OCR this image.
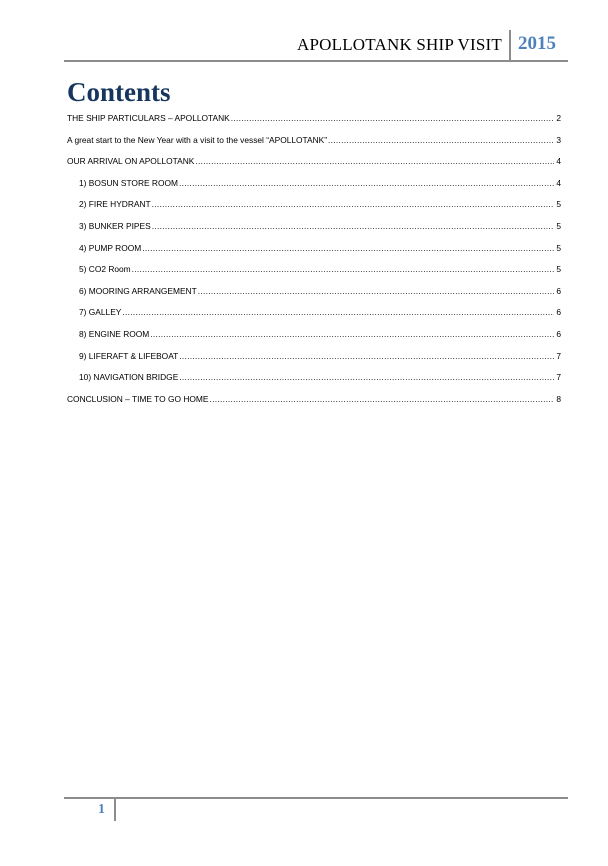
APOLLOTANK SHIP VISIT 2015
Contents
THE SHIP PARTICULARS – APOLLOTANK .....	2
A great start to the New Year with a visit to the vessel “APOLLOTANK” .....	3
OUR ARRIVAL ON APOLLOTANK .....	4
1) BOSUN STORE ROOM .....	4
2) FIRE HYDRANT .....	5
3) BUNKER PIPES .....	5
4) PUMP ROOM .....	5
5) CO2 Room .....	5
6) MOORING ARRANGEMENT .....	6
7) GALLEY .....	6
8) ENGINE ROOM .....	6
9) LIFERAFT & LIFEBOAT .....	7
10) NAVIGATION BRIDGE .....	7
CONCLUSION – TIME TO GO HOME .....	8
1
